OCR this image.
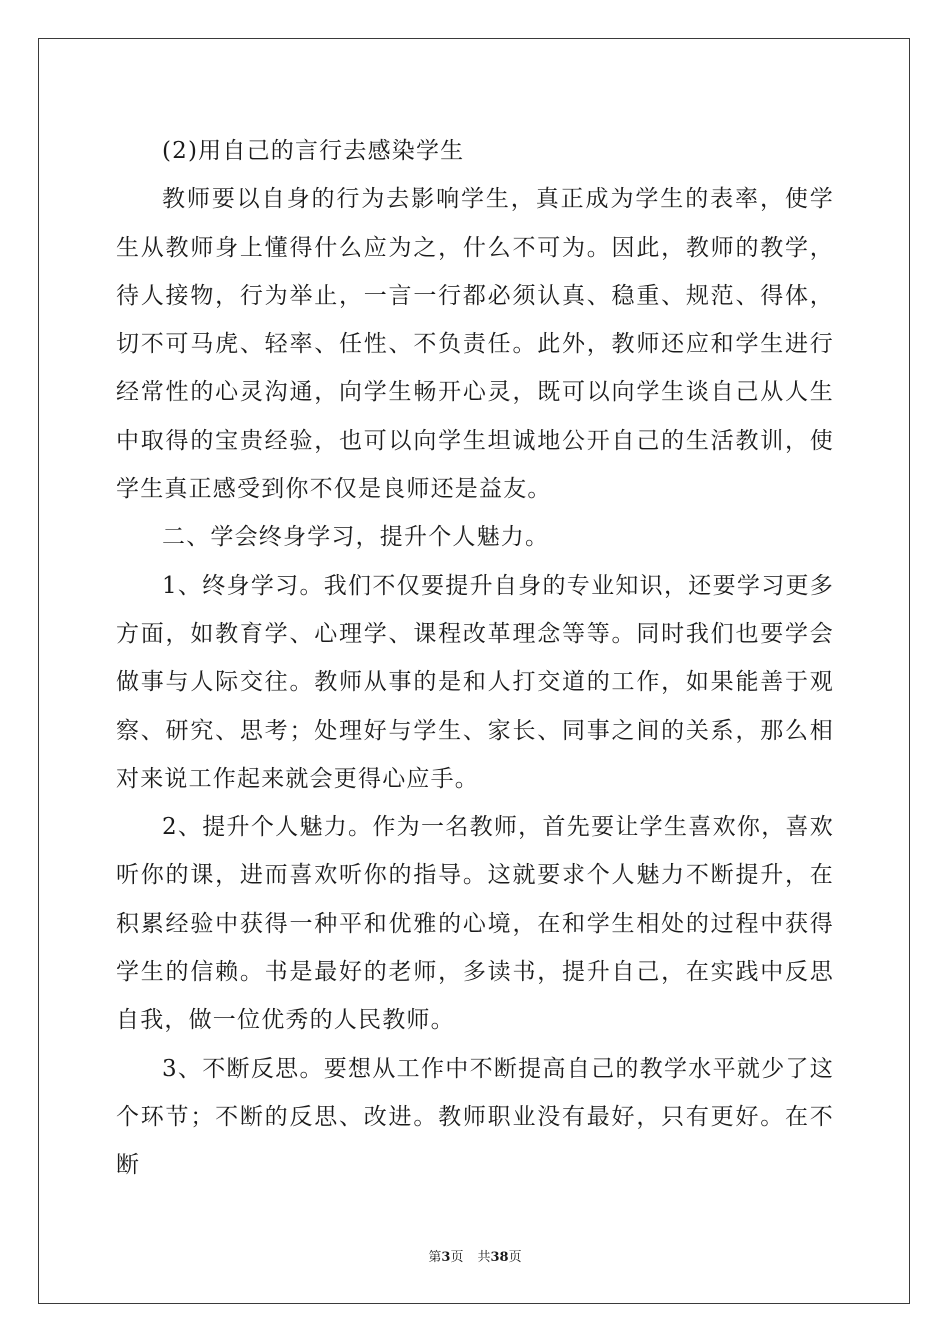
(2)用自己的言行去感染学生

教师要以自身的行为去影响学生，真正成为学生的表率，使学生从教师身上懂得什么应为之，什么不可为。因此，教师的教学，待人接物，行为举止，一言一行都必须认真、稳重、规范、得体，切不可马虎、轻率、任性、不负责任。此外，教师还应和学生进行经常性的心灵沟通，向学生畅开心灵，既可以向学生谈自己从人生中取得的宝贵经验，也可以向学生坦诚地公开自己的生活教训，使学生真正感受到你不仅是良师还是益友。

二、学会终身学习，提升个人魅力。

1、终身学习。我们不仅要提升自身的专业知识，还要学习更多方面，如教育学、心理学、课程改革理念等等。同时我们也要学会做事与人际交往。教师从事的是和人打交道的工作，如果能善于观察、研究、思考；处理好与学生、家长、同事之间的关系，那么相对来说工作起来就会更得心应手。

2、提升个人魅力。作为一名教师，首先要让学生喜欢你，喜欢听你的课，进而喜欢听你的指导。这就要求个人魅力不断提升，在积累经验中获得一种平和优雅的心境，在和学生相处的过程中获得学生的信赖。书是最好的老师，多读书，提升自己，在实践中反思自我，做一位优秀的人民教师。

3、不断反思。要想从工作中不断提高自己的教学水平就少了这个环节；不断的反思、改进。教师职业没有最好，只有更好。在不断

第3页 共38页
